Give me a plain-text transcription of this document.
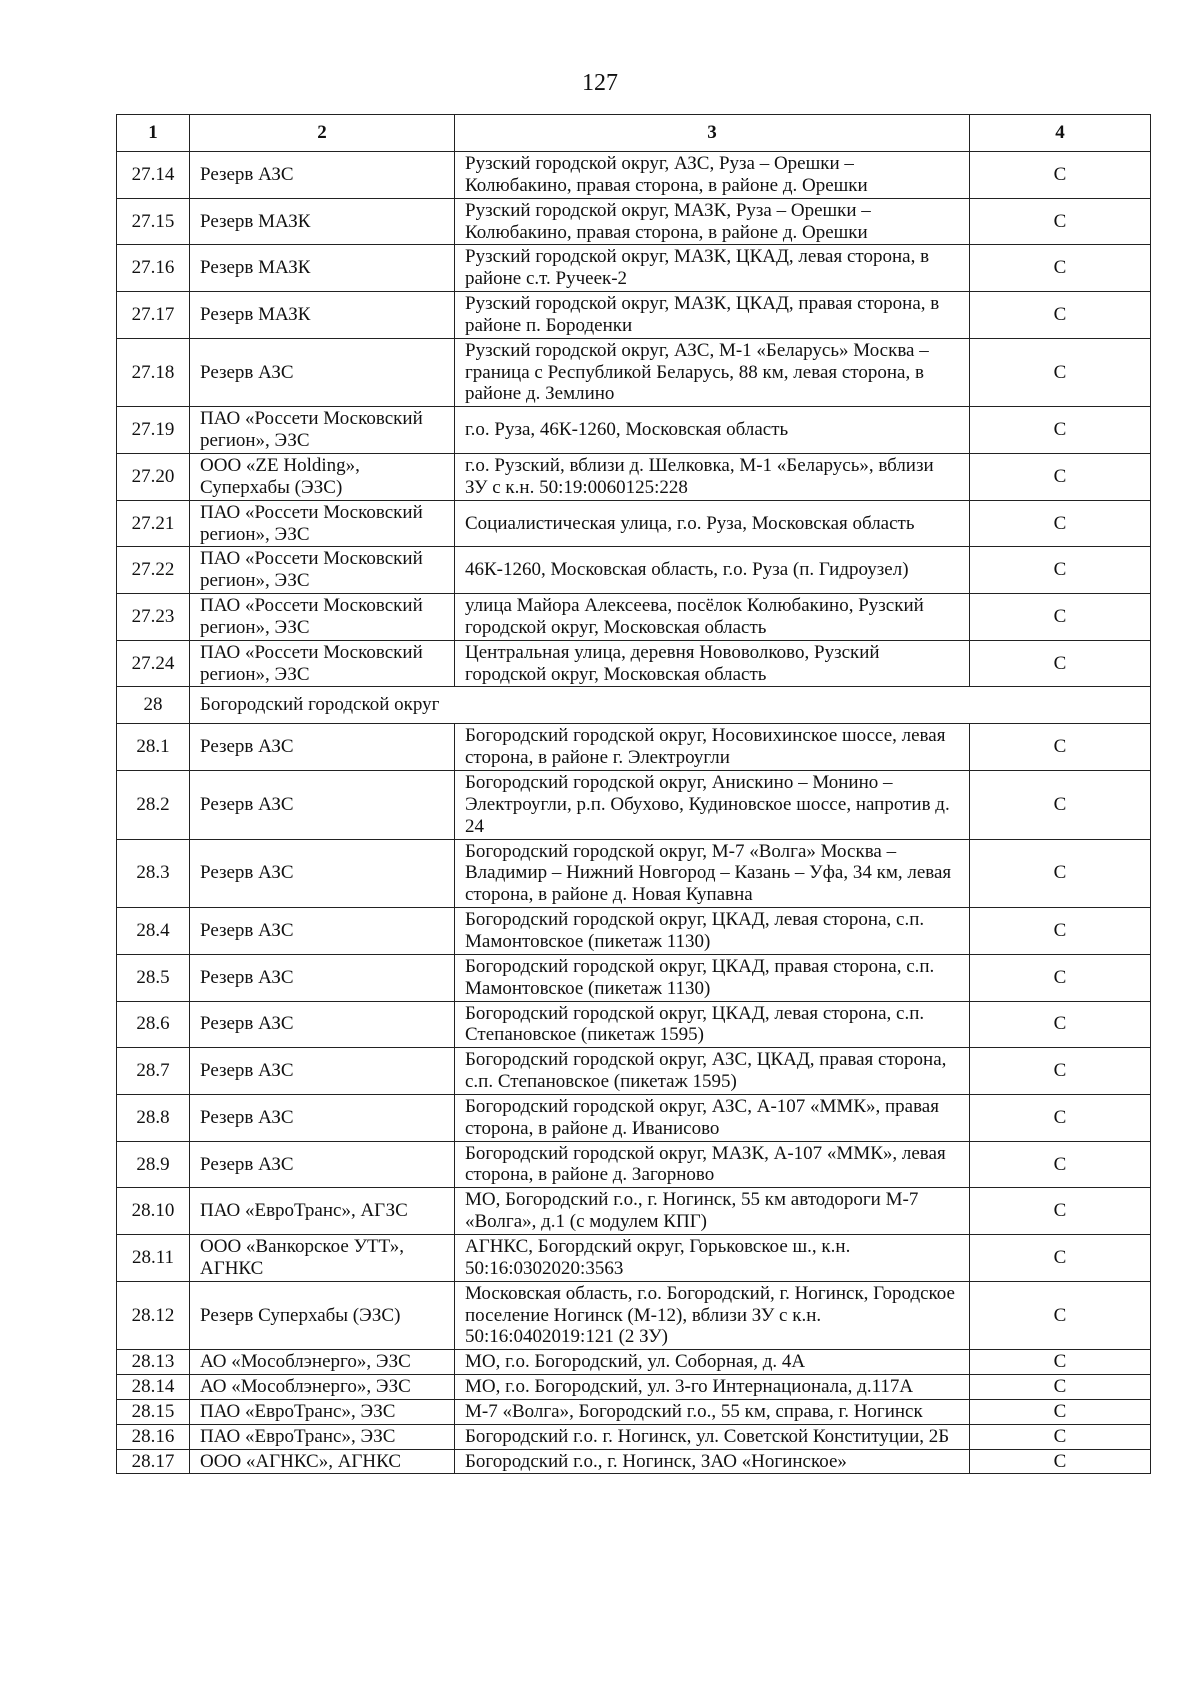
127
1	2	3	4
27.14	Резерв АЗС	Рузский городской округ, АЗС, Руза – Орешки – Колюбакино, правая сторона, в районе д. Орешки	С
27.15	Резерв МАЗК	Рузский городской округ, МАЗК, Руза – Орешки – Колюбакино, правая сторона, в районе д. Орешки	С
27.16	Резерв МАЗК	Рузский городской округ, МАЗК, ЦКАД, левая сторона, в районе с.т. Ручеек-2	С
27.17	Резерв МАЗК	Рузский городской округ, МАЗК, ЦКАД, правая сторона, в районе п. Бороденки	С
27.18	Резерв АЗС	Рузский городской округ, АЗС, М-1 «Беларусь» Москва – граница с Республикой Беларусь, 88 км, левая сторона, в районе д. Землино	С
27.19	ПАО «Россети Московский регион», ЭЗС	г.о. Руза, 46К-1260, Московская область	С
27.20	ООО «ZE Holding», Суперхабы (ЭЗС)	г.о. Рузский, вблизи д. Шелковка, М-1 «Беларусь», вблизи ЗУ с к.н. 50:19:0060125:228	С
27.21	ПАО «Россети Московский регион», ЭЗС	Социалистическая улица, г.о. Руза, Московская область	С
27.22	ПАО «Россети Московский регион», ЭЗС	46К-1260, Московская область, г.о. Руза (п. Гидроузел)	С
27.23	ПАО «Россети Московский регион», ЭЗС	улица Майора Алексеева, посёлок Колюбакино, Рузский городской округ, Московская область	С
27.24	ПАО «Россети Московский регион», ЭЗС	Центральная улица, деревня Нововолково, Рузский городской округ, Московская область	С
28	Богородский городской округ		
28.1	Резерв АЗС	Богородский городской округ, Носовихинское шоссе, левая сторона, в районе г. Электроугли	С
28.2	Резерв АЗС	Богородский городской округ, Анискино – Монино – Электроугли, р.п. Обухово, Кудиновское шоссе, напротив д. 24	С
28.3	Резерв АЗС	Богородский городской округ, М-7 «Волга» Москва – Владимир – Нижний Новгород – Казань – Уфа, 34 км, левая сторона, в районе д. Новая Купавна	С
28.4	Резерв АЗС	Богородский городской округ, ЦКАД, левая сторона, с.п. Мамонтовское (пикетаж 1130)	С
28.5	Резерв АЗС	Богородский городской округ, ЦКАД, правая сторона, с.п. Мамонтовское (пикетаж 1130)	С
28.6	Резерв АЗС	Богородский городской округ, ЦКАД, левая сторона, с.п. Степановское (пикетаж 1595)	С
28.7	Резерв АЗС	Богородский городской округ, АЗС, ЦКАД, правая сторона, с.п. Степановское (пикетаж 1595)	С
28.8	Резерв АЗС	Богородский городской округ, АЗС, А-107 «ММК», правая сторона, в районе д. Иванисово	С
28.9	Резерв АЗС	Богородский городской округ, МАЗК, А-107 «ММК», левая сторона, в районе д. Загорново	С
28.10	ПАО «ЕвроТранс», АГЗС	МО, Богородский г.о., г. Ногинск, 55 км автодороги М-7 «Волга», д.1 (с модулем КПГ)	С
28.11	ООО «Ванкорское УТТ», АГНКС	АГНКС, Богордский округ, Горьковское ш., к.н. 50:16:0302020:3563	С
28.12	Резерв Суперхабы (ЭЗС)	Московская область, г.о. Богородский, г. Ногинск, Городское поселение Ногинск (М-12), вблизи ЗУ с к.н. 50:16:0402019:121 (2 ЗУ)	С
28.13	АО «Мособлэнерго», ЭЗС	МО, г.о. Богородский, ул. Соборная, д. 4А	С
28.14	АО «Мособлэнерго», ЭЗС	МО, г.о. Богородский, ул. 3-го Интернационала, д.117А	С
28.15	ПАО «ЕвроТранс», ЭЗС	М-7 «Волга», Богородский г.о., 55 км, справа, г. Ногинск	С
28.16	ПАО «ЕвроТранс», ЭЗС	Богородский г.о. г. Ногинск, ул. Советской Конституции, 2Б	С
28.17	ООО «АГНКС», АГНКС	Богородский г.о., г. Ногинск, ЗАО «Ногинское»	С
